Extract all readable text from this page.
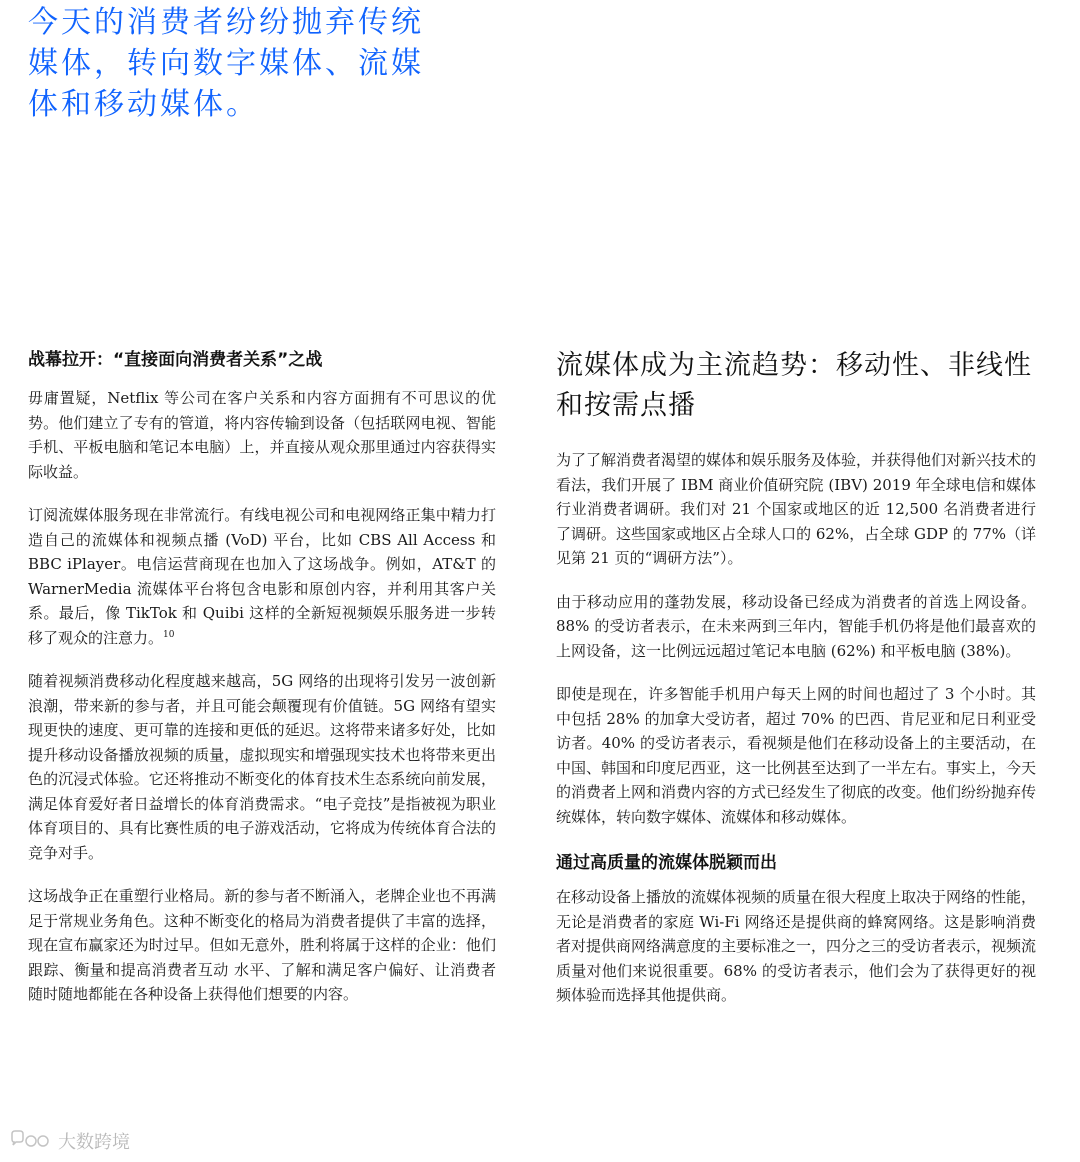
今天的消费者纷纷抛弃传统媒体，转向数字媒体、流媒体和移动媒体。
战幕拉开：“直接面向消费者关系”之战

毋庸置疑，Netflix 等公司在客户关系和内容方面拥有不可思议的优势。他们建立了专有的管道，将内容传输到设备（包括联网电视、智能手机、平板电脑和笔记本电脑）上，并直接从观众那里通过内容获得实际收益。

订阅流媒体服务现在非常流行。有线电视公司和电视网络正集中精力打造自己的流媒体和视频点播 (VoD) 平台，比如 CBS All Access 和 BBC iPlayer。电信运营商现在也加入了这场战争。例如，AT&T 的 WarnerMedia 流媒体平台将包含电影和原创内容，并利用其客户关系。最后，像 TikTok 和 Quibi 这样的全新短视频娱乐服务进一步转移了观众的注意力。$^{10}$

随着视频消费移动化程度越来越高，5G 网络的出现将引发另一波创新浪潮，带来新的参与者，并且可能会颠覆现有价值链。5G 网络有望实现更快的速度、更可靠的连接和更低的延迟。这将带来诸多好处，比如提升移动设备播放视频的质量，虚拟现实和增强现实技术也将带来更出色的沉浸式体验。它还将推动不断变化的体育技术生态系统向前发展，满足体育爱好者日益增长的体育消费需求。“电子竞技”是指被视为职业体育项目的、具有比赛性质的电子游戏活动，它将成为传统体育合法的竞争对手。

这场战争正在重塑行业格局。新的参与者不断涌入，老牌企业也不再满足于常规业务角色。这种不断变化的格局为消费者提供了丰富的选择，现在宣布赢家还为时过早。但如无意外，胜利将属于这样的企业：他们跟踪、衡量和提高消费者互动 水平、了解和满足客户偏好、让消费者随时随地都能在各种设备上获得他们想要的内容。

流媒体成为主流趋势：移动性、非线性和按需点播

为了了解消费者渴望的媒体和娱乐服务及体验，并获得他们对新兴技术的看法，我们开展了 IBM 商业价值研究院 (IBV) 2019 年全球电信和媒体行业消费者调研。我们对 21 个国家或地区的近 12,500 名消费者进行了调研。这些国家或地区占全球人口的 62%，占全球 GDP 的 77%（详见第 21 页的“调研方法”）。

由于移动应用的蓬勃发展，移动设备已经成为消费者的首选上网设备。88% 的受访者表示，在未来两到三年内，智能手机仍将是他们最喜欢的上网设备，这一比例远远超过笔记本电脑 (62%) 和平板电脑 (38%)。

即使是现在，许多智能手机用户每天上网的时间也超过了 3 个小时。其中包括 28% 的加拿大受访者，超过 70% 的巴西、肯尼亚和尼日利亚受访者。40% 的受访者表示，看视频是他们在移动设备上的主要活动，在中国、韩国和印度尼西亚，这一比例甚至达到了一半左右。事实上，今天的消费者上网和消费内容的方式已经发生了彻底的改变。他们纷纷抛弃传统媒体，转向数字媒体、流媒体和移动媒体。

通过高质量的流媒体脱颖而出

在移动设备上播放的流媒体视频的质量在很大程度上取决于网络的性能，无论是消费者的家庭 Wi-Fi 网络还是提供商的蜂窝网络。这是影响消费者对提供商网络满意度的主要标准之一，四分之三的受访者表示，视频流质量对他们来说很重要。68% 的受访者表示，他们会为了获得更好的视频体验而选择其他提供商。

大数跨境
